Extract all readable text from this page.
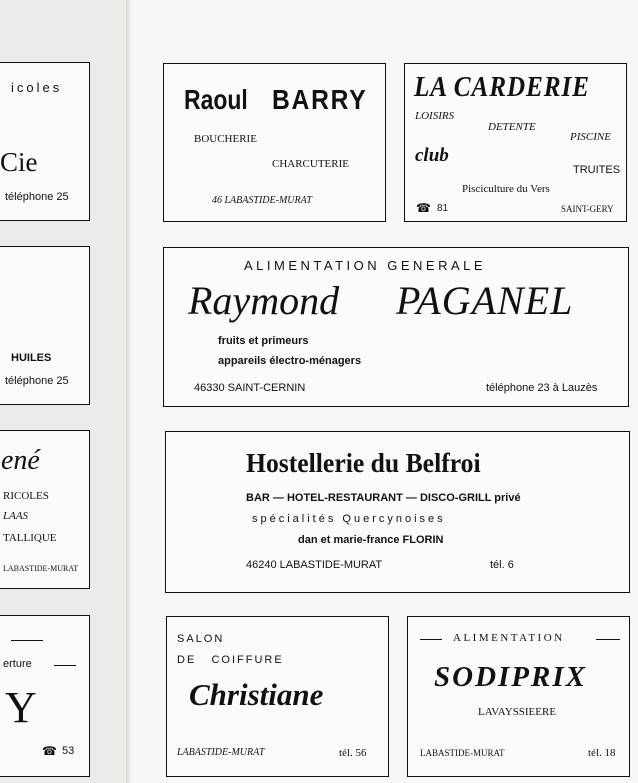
icoles
Cie
téléphone 25
HUILES
téléphone 25
ené
RICOLES
LAAS
TALLIQUE
LABASTIDE-MURAT
erture
Y
☎ 53
Raoul BARRY
BOUCHERIE
CHARCUTERIE
46 LABASTIDE-MURAT
LA CARDERIE
LOISIRS
DETENTE
PISCINE
club
TRUITES
Pisciculture du Vers
☎ 81	SAINT-GERY
ALIMENTATION GENERALE
Raymond PAGANEL
fruits et primeurs
appareils électro-ménagers
46330 SAINT-CERNIN	téléphone 23 à Lauzès
Hostellerie du Belfroi
BAR — HOTEL-RESTAURANT — DISCO-GRILL privé
spécialités Quercynoises
dan et marie-france FLORIN
46240 LABASTIDE-MURAT	tél. 6
SALON
DE   COIFFURE
Christiane
LABASTIDE-MURAT	tél. 56
ALIMENTATION
SODIPRIX
LAVAYSSIEERE
LABASTIDE-MURAT	tél. 18
